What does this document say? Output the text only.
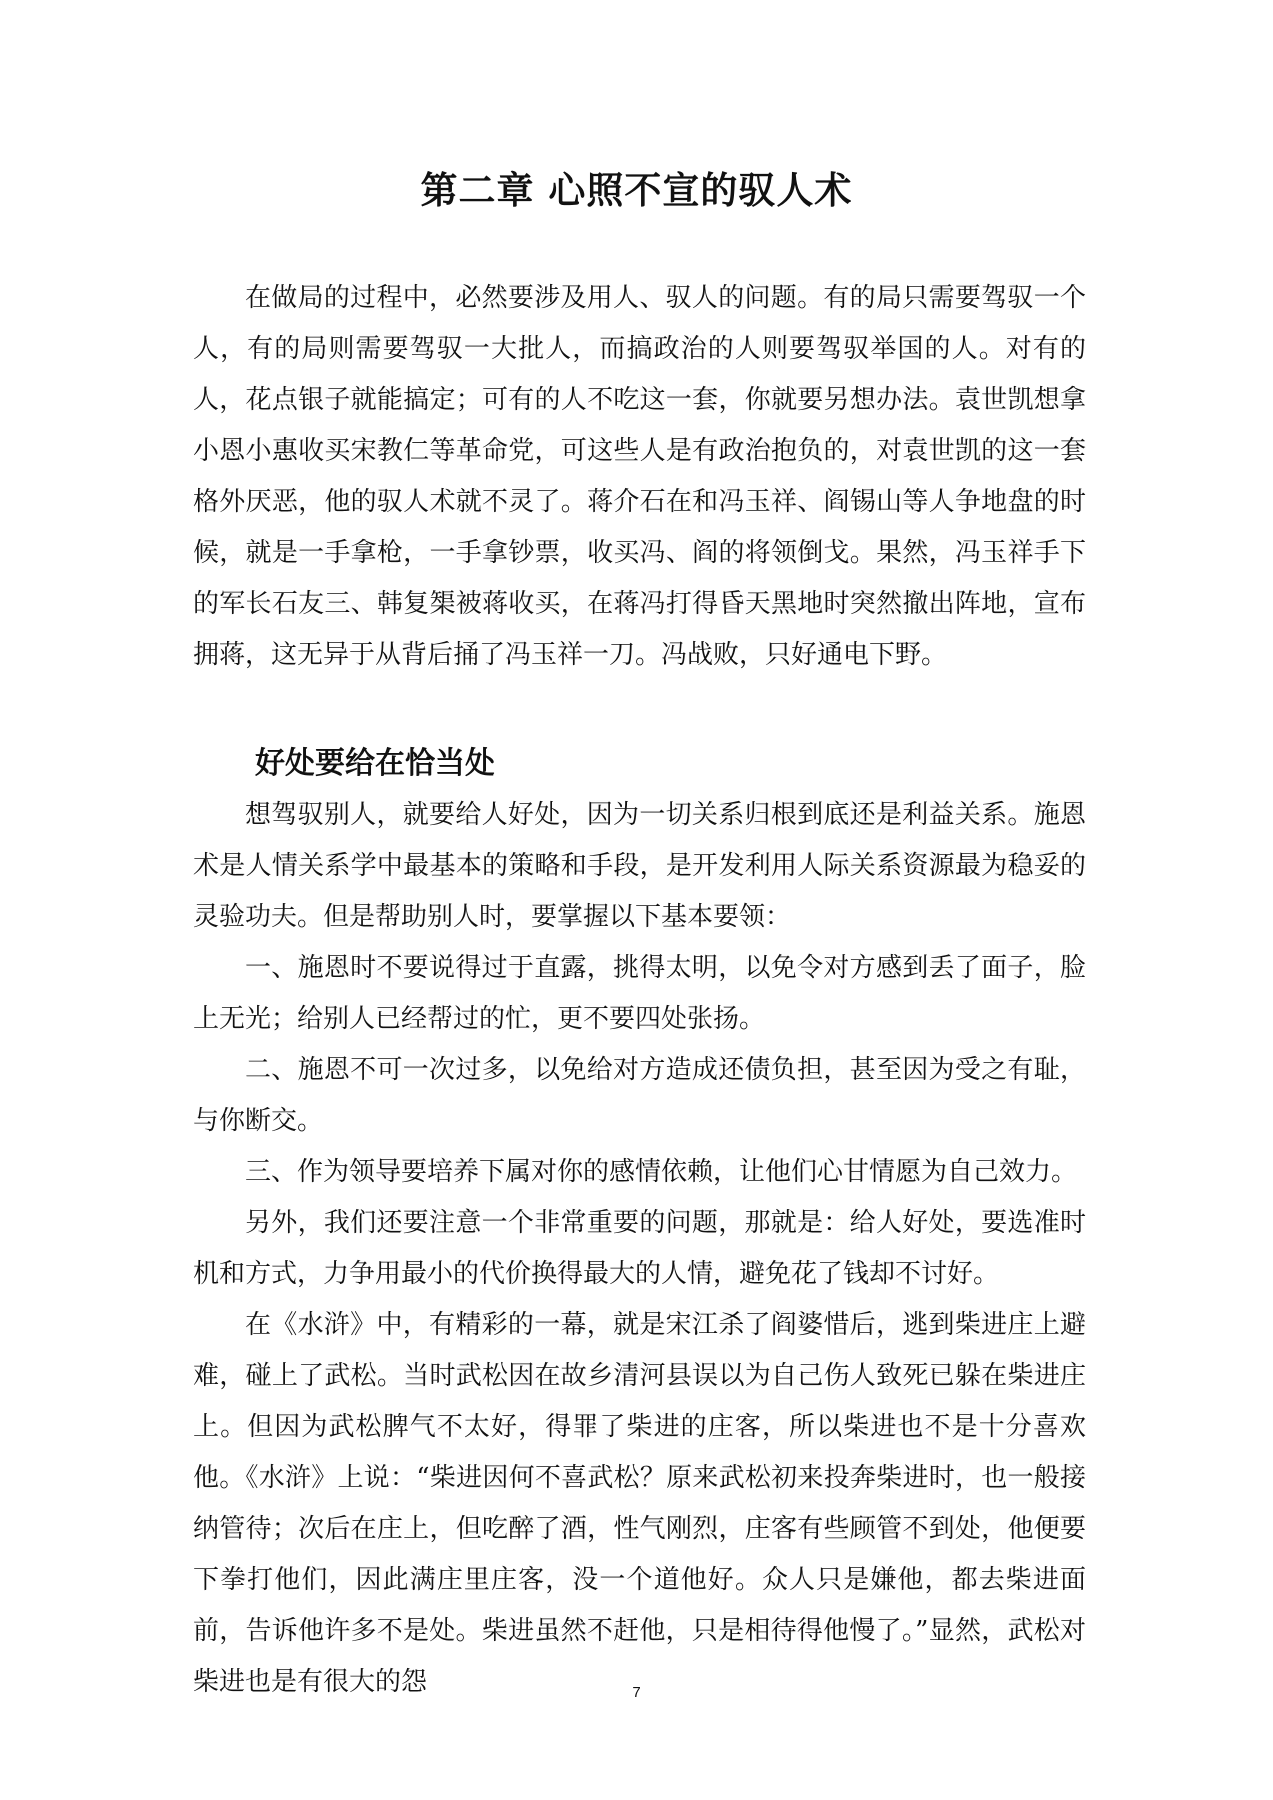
第二章 心照不宣的驭人术

在做局的过程中，必然要涉及用人、驭人的问题。有的局只需要驾驭一个人，有的局则需要驾驭一大批人，而搞政治的人则要驾驭举国的人。对有的人，花点银子就能搞定；可有的人不吃这一套，你就要另想办法。袁世凯想拿小恩小惠收买宋教仁等革命党，可这些人是有政治抱负的，对袁世凯的这一套格外厌恶，他的驭人术就不灵了。蒋介石在和冯玉祥、阎锡山等人争地盘的时候，就是一手拿枪，一手拿钞票，收买冯、阎的将领倒戈。果然，冯玉祥手下的军长石友三、韩复榘被蒋收买，在蒋冯打得昏天黑地时突然撤出阵地，宣布拥蒋，这无异于从背后捅了冯玉祥一刀。冯战败，只好通电下野。

好处要给在恰当处

想驾驭别人，就要给人好处，因为一切关系归根到底还是利益关系。施恩术是人情关系学中最基本的策略和手段，是开发利用人际关系资源最为稳妥的灵验功夫。但是帮助别人时，要掌握以下基本要领：

一、施恩时不要说得过于直露，挑得太明，以免令对方感到丢了面子，脸上无光；给别人已经帮过的忙，更不要四处张扬。

二、施恩不可一次过多，以免给对方造成还债负担，甚至因为受之有耻，与你断交。

三、作为领导要培养下属对你的感情依赖，让他们心甘情愿为自己效力。

另外，我们还要注意一个非常重要的问题，那就是：给人好处，要选准时机和方式，力争用最小的代价换得最大的人情，避免花了钱却不讨好。

在《水浒》中，有精彩的一幕，就是宋江杀了阎婆惜后，逃到柴进庄上避难，碰上了武松。当时武松因在故乡清河县误以为自己伤人致死已躲在柴进庄上。但因为武松脾气不太好，得罪了柴进的庄客，所以柴进也不是十分喜欢他。《水浒》上说：“柴进因何不喜武松？原来武松初来投奔柴进时，也一般接纳管待；次后在庄上，但吃醉了酒，性气刚烈，庄客有些顾管不到处，他便要下拳打他们，因此满庄里庄客，没一个道他好。众人只是嫌他，都去柴进面前，告诉他许多不是处。柴进虽然不赶他，只是相待得他慢了。”显然，武松对柴进也是有很大的怨	7
